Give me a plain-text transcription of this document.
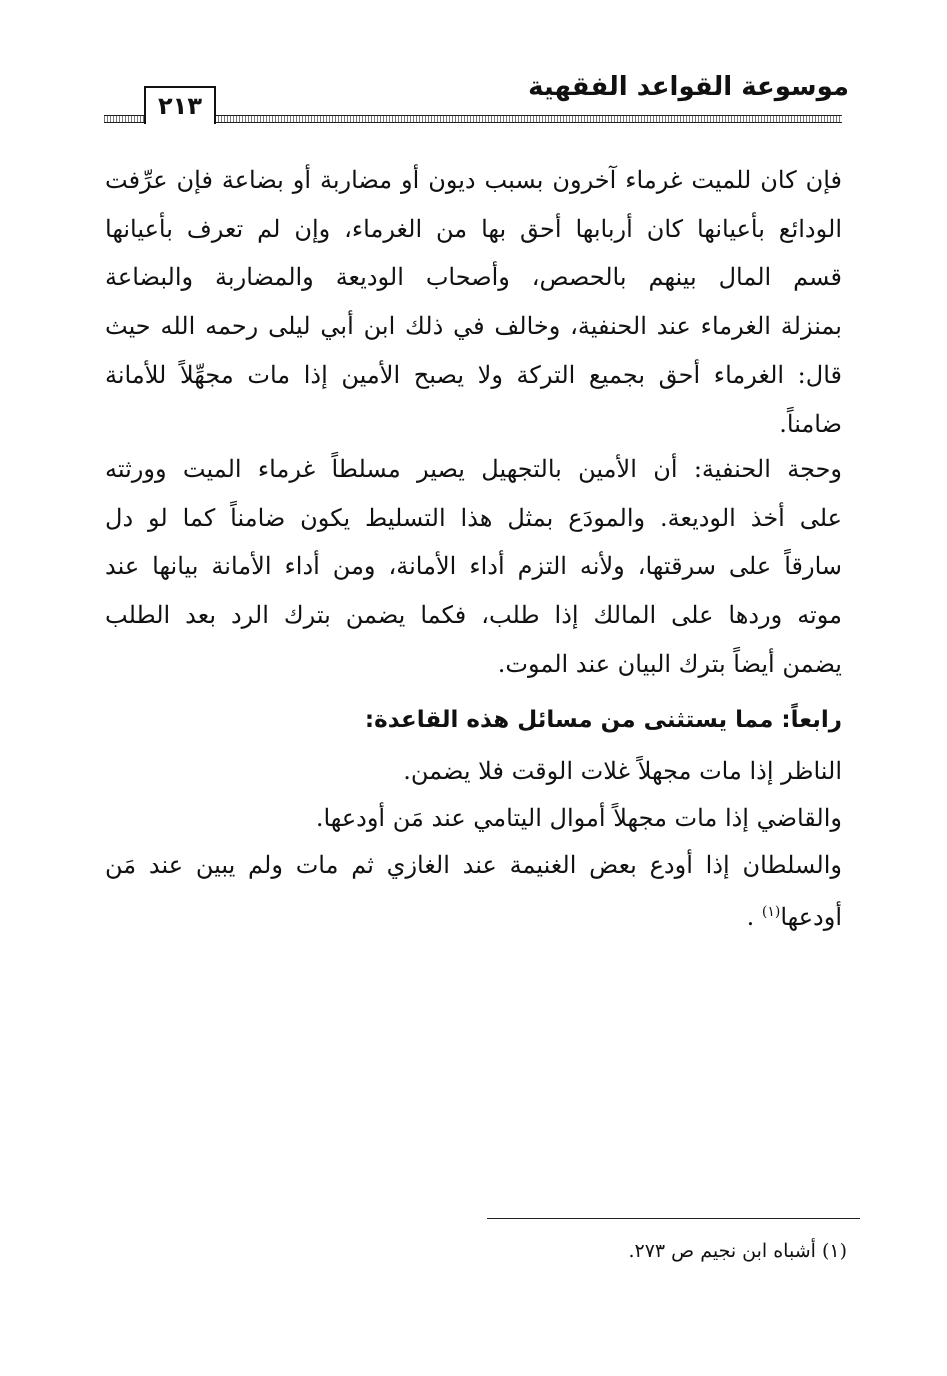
موسوعة القواعد الفقهية
٢١٣
فإن كان للميت غرماء آخرون بسبب ديون أو مضاربة أو بضاعة فإن عرِّفت
الودائع بأعيانها كان أربابها أحق بها من الغرماء، وإن لم تعرف بأعيانها
قسم المال بينهم بالحصص، وأصحاب الوديعة والمضاربة والبضاعة
بمنزلة الغرماء عند الحنفية، وخالف في ذلك ابن أبي ليلى رحمه الله حيث
قال: الغرماء أحق بجميع التركة ولا يصبح الأمين إذا مات مجهِّلاً للأمانة
ضامناً.
وحجة الحنفية: أن الأمين بالتجهيل يصير مسلطاً غرماء الميت وورثته
على أخذ الوديعة. والمودَع بمثل هذا التسليط يكون ضامناً كما لو دل
سارقاً على سرقتها، ولأنه التزم أداء الأمانة، ومن أداء الأمانة بيانها عند
موته وردها على المالك إذا طلب، فكما يضمن بترك الرد بعد الطلب
يضمن أيضاً بترك البيان عند الموت.
رابعاً: مما يستثنى من مسائل هذه القاعدة:
الناظر إذا مات مجهلاً غلات الوقت فلا يضمن.
والقاضي إذا مات مجهلاً أموال اليتامي عند مَن أودعها.
والسلطان إذا أودع بعض الغنيمة عند الغازي ثم مات ولم يبين عند مَن
أودعها$^{(١)}$ .
(١) أشباه ابن نجيم ص ٢٧٣.
